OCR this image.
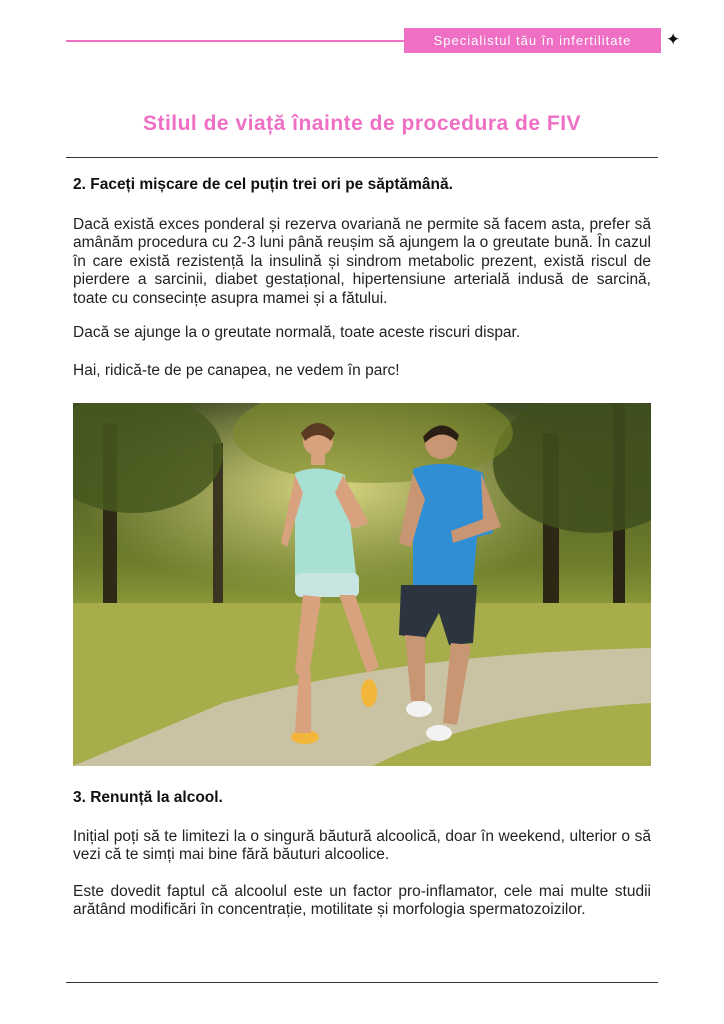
Specialistul tău în infertilitate	✦
Stilul de viață înainte de procedura de FIV
2. Faceți mișcare de cel puțin trei ori pe săptămână.

Dacă există exces ponderal și rezerva ovariană ne permite să facem asta, prefer să amânăm procedura cu 2-3 luni până reușim să ajungem la o greutate bună. În cazul în care există rezistență la insulină și sindrom metabolic prezent, există riscul de pierdere a sarcinii, diabet gestațional, hipertensiune arterială indusă de sarcină, toate cu consecințe asupra mamei și a fătului.

Dacă se ajunge la o greutate normală, toate aceste riscuri dispar.

Hai, ridică-te de pe canapea, ne vedem în parc!

3. Renunță la alcool.

Inițial poți să te limitezi la o singură băutură alcoolică, doar în weekend, ulterior o să vezi că te simți mai bine fără băuturi alcoolice.

Este dovedit faptul că alcoolul este un factor pro-inflamator, cele mai multe studii arătând modificări în concentrație, motilitate și morfologia spermatozoizilor.
